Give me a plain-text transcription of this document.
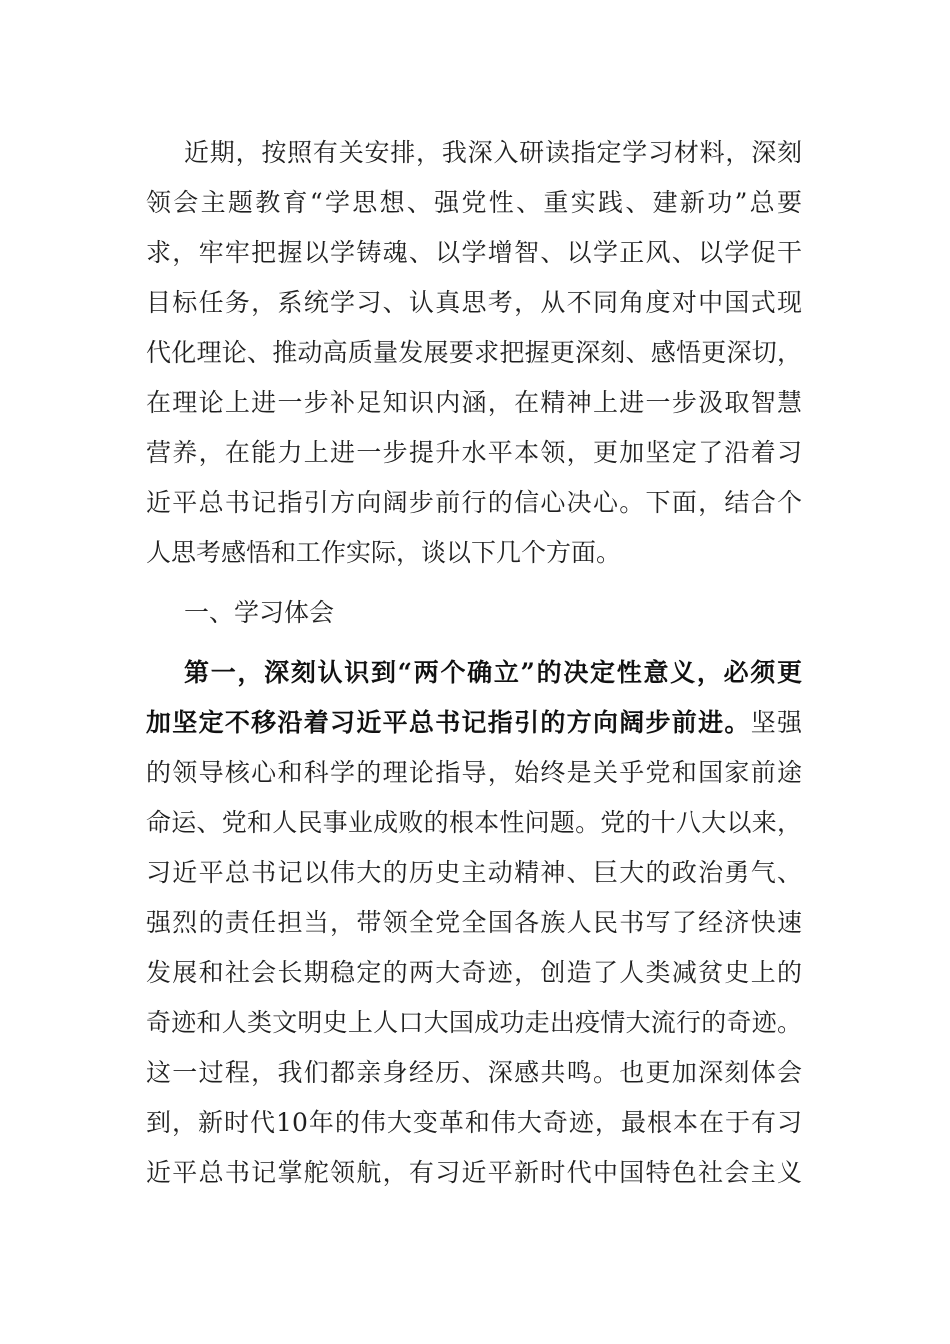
近期，按照有关安排，我深入研读指定学习材料，深刻
领会主题教育“学思想、强党性、重实践、建新功”总要
求，牢牢把握以学铸魂、以学增智、以学正风、以学促干
目标任务，系统学习、认真思考，从不同角度对中国式现
代化理论、推动高质量发展要求把握更深刻、感悟更深切，
在理论上进一步补足知识内涵，在精神上进一步汲取智慧
营养，在能力上进一步提升水平本领，更加坚定了沿着习
近平总书记指引方向阔步前行的信心决心。下面，结合个
人思考感悟和工作实际，谈以下几个方面。
一、学习体会
第一，深刻认识到“两个确立”的决定性意义，必须更
加坚定不移沿着习近平总书记指引的方向阔步前进。坚强
的领导核心和科学的理论指导，始终是关乎党和国家前途
命运、党和人民事业成败的根本性问题。党的十八大以来，
习近平总书记以伟大的历史主动精神、巨大的政治勇气、
强烈的责任担当，带领全党全国各族人民书写了经济快速
发展和社会长期稳定的两大奇迹，创造了人类减贫史上的
奇迹和人类文明史上人口大国成功走出疫情大流行的奇迹。
这一过程，我们都亲身经历、深感共鸣。也更加深刻体会
到，新时代10年的伟大变革和伟大奇迹，最根本在于有习
近平总书记掌舵领航，有习近平新时代中国特色社会主义
